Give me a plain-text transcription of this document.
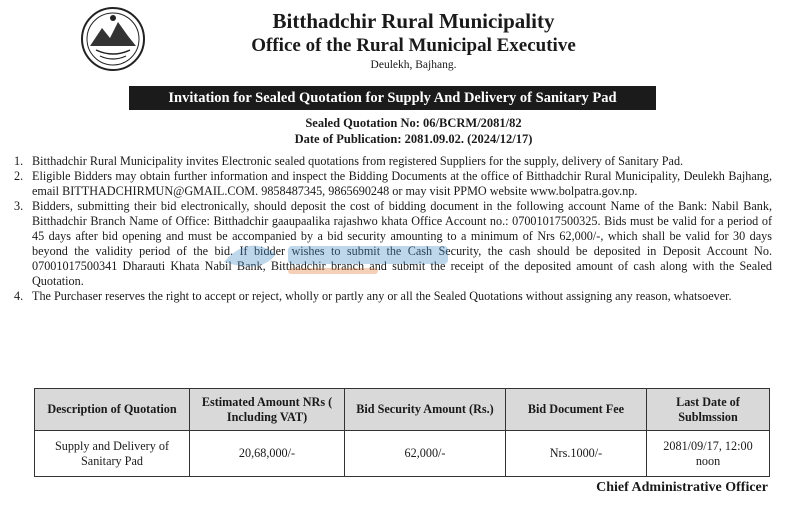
Bitthadchir Rural Municipality
Office of the Rural Municipal Executive
Deulekh, Bajhang.
Invitation for Sealed Quotation for Supply And Delivery of Sanitary Pad
Sealed Quotation No: 06/BCRM/2081/82
Date of Publication: 2081.09.02. (2024/12/17)
1. Bitthadchir Rural Municipality invites Electronic sealed quotations from registered Suppliers for the supply, delivery of Sanitary Pad.
2. Eligible Bidders may obtain further information and inspect the Bidding Documents at the office of Bitthadchir Rural Municipality, Deulekh Bajhang, email BITTHADCHIRMUN@GMAIL.COM. 9858487345, 9865690248 or may visit PPMO website www.bolpatra.gov.np.
3. Bidders, submitting their bid electronically, should deposit the cost of bidding document in the following account Name of the Bank: Nabil Bank, Bitthadchir Branch Name of Office: Bitthadchir gaaupaalika rajashwo khata Office Account no.: 07001017500325. Bids must be valid for a period of 45 days after bid opening and must be accompanied by a bid security amounting to a minimum of Nrs 62,000/-, which shall be valid for 30 days beyond the validity period of the bid. If bidder wishes to submit the Cash Security, the cash should be deposited in Deposit Account No. 07001017500341 Dharauti Khata Nabil Bank, Bitthadchir branch and submit the receipt of the deposited amount of cash along with the Sealed Quotation.
4. The Purchaser reserves the right to accept or reject, wholly or partly any or all the Sealed Quotations without assigning any reason, whatsoever.
Description of Quotation	Estimated Amount NRs ( Including VAT)	Bid Security Amount (Rs.)	Bid Document Fee	Last Date of Sublmssion
Supply and Delivery of Sanitary Pad	20,68,000/-	62,000/-	Nrs.1000/-	2081/09/17, 12:00 noon
Chief Administrative Officer
